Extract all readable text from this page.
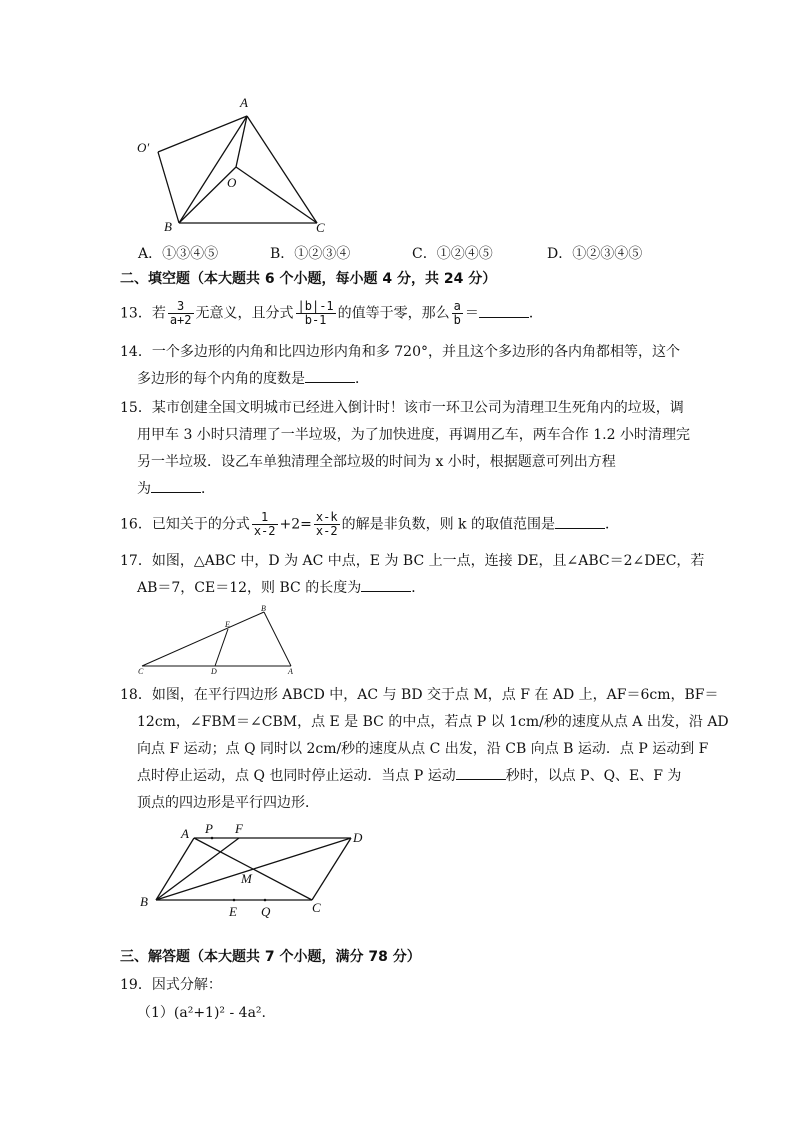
A
O′
O
B	C
A．①③④⑤	B．①②③④	C．①②④⑤	D．①②③④⑤
二、填空题（本大题共 6 个小题，每小题 4 分，共 24 分）
13．若 $\frac{3}{a+2}$ 无意义，且分式 $\frac{|b|-1}{b-1}$ 的值等于零，那么 $\frac{a}{b}$ ＝	．
14．一个多边形的内角和比四边形内角和多 720°，并且这个多边形的各内角都相等，这个
多边形的每个内角的度数是	．
15．某市创建全国文明城市已经进入倒计时！该市一环卫公司为清理卫生死角内的垃圾，调
用甲车 3 小时只清理了一半垃圾，为了加快进度，再调用乙车，两车合作 1.2 小时清理完
另一半垃圾．设乙车单独清理全部垃圾的时间为 x 小时，根据题意可列出方程
为	．
16．已知关于的分式 $\frac{1}{x-2} +2= \frac{x-k}{x-2}$ 的解是非负数，则 k 的取值范围是	．
17．如图，△ABC 中，D 为 AC 中点，E 为 BC 上一点，连接 DE，且∠ABC＝2∠DEC，若
AB＝7，CE＝12，则 BC 的长度为	．
B
E
C	D	A
18．如图，在平行四边形 ABCD 中，AC 与 BD 交于点 M，点 F 在 AD 上，AF＝6cm，BF＝
12cm，∠FBM＝∠CBM，点 E 是 BC 的中点，若点 P 以 1cm/秒的速度从点 A 出发，沿 AD
向点 F 运动；点 Q 同时以 2cm/秒的速度从点 C 出发，沿 CB 向点 B 运动．点 P 运动到 F
点时停止运动，点 Q 也同时停止运动．当点 P 运动	秒时，以点 P、Q、E、F 为
顶点的四边形是平行四边形．
A P F
D
M
B
E Q	C
三、解答题（本大题共 7 个小题，满分 78 分）
19．因式分解：
（1）(a²+1)² - 4a².
